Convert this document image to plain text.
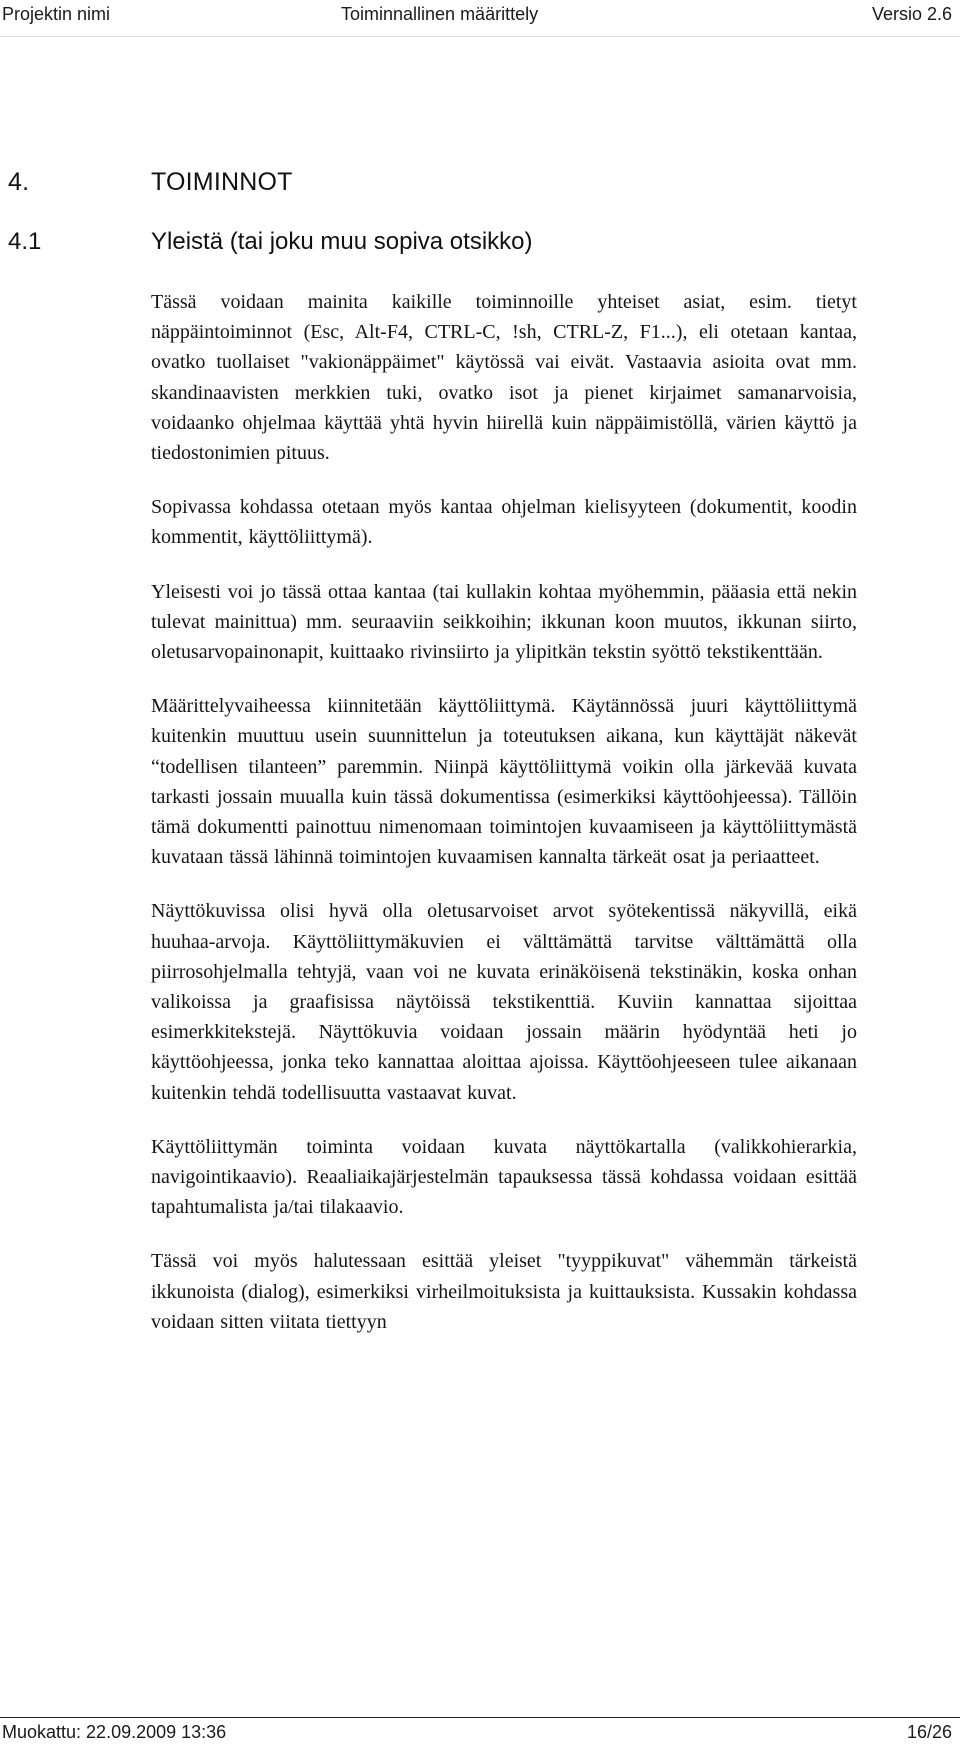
Projektin nimi	Toiminnallinen määrittely	Versio 2.6
4.	TOIMINNOT
4.1	Yleistä (tai joku muu sopiva otsikko)

Tässä voidaan mainita kaikille toiminnoille yhteiset asiat, esim. tietyt näppäintoiminnot (Esc, Alt-F4, CTRL-C, !sh, CTRL-Z, F1...), eli otetaan kantaa, ovatko tuollaiset "vakionäppäimet" käytössä vai eivät. Vastaavia asioita ovat mm. skandinaavisten merkkien tuki, ovatko isot ja pienet kirjaimet samanarvoisia, voidaanko ohjelmaa käyttää yhtä hyvin hiirellä kuin näppäimistöllä, värien käyttö ja tiedostonimien pituus.

Sopivassa kohdassa otetaan myös kantaa ohjelman kielisyyteen (dokumentit, koodin kommentit, käyttöliittymä).

Yleisesti voi jo tässä ottaa kantaa (tai kullakin kohtaa myöhemmin, pääasia että nekin tulevat mainittua) mm. seuraaviin seikkoihin; ikkunan koon muutos, ikkunan siirto, oletusarvopainonapit, kuittaako rivinsiirto ja ylipitkän tekstin syöttö tekstikenttään.

Määrittelyvaiheessa kiinnitetään käyttöliittymä. Käytännössä juuri käyttöliittymä kuitenkin muuttuu usein suunnittelun ja toteutuksen aikana, kun käyttäjät näkevät “todellisen tilanteen” paremmin. Niinpä käyttöliittymä voikin olla järkevää kuvata tarkasti jossain muualla kuin tässä dokumentissa (esimerkiksi käyttöohjeessa). Tällöin tämä dokumentti painottuu nimenomaan toimintojen kuvaamiseen ja käyttöliittymästä kuvataan tässä lähinnä toimintojen kuvaamisen kannalta tärkeät osat ja periaatteet.

Näyttökuvissa olisi hyvä olla oletusarvoiset arvot syötekentissä näkyvillä, eikä huuhaa-arvoja. Käyttöliittymäkuvien ei välttämättä tarvitse välttämättä olla piirrosohjelmalla tehtyjä, vaan voi ne kuvata erinäköisenä tekstinäkin, koska onhan valikoissa ja graafisissa näytöissä tekstikenttiä. Kuviin kannattaa sijoittaa esimerkkitekstejä. Näyttökuvia voidaan jossain määrin hyödyntää heti jo käyttöohjeessa, jonka teko kannattaa aloittaa ajoissa. Käyttöohjeeseen tulee aikanaan kuitenkin tehdä todellisuutta vastaavat kuvat.

Käyttöliittymän toiminta voidaan kuvata näyttökartalla (valikkohierarkia, navigointikaavio). Reaaliaikajärjestelmän tapauksessa tässä kohdassa voidaan esittää tapahtumalista ja/tai tilakaavio.

Tässä voi myös halutessaan esittää yleiset "tyyppikuvat" vähemmän tärkeistä ikkunoista (dialog), esimerkiksi virheilmoituksista ja kuittauksista. Kussakin kohdassa voidaan sitten viitata tiettyyn

Muokattu: 22.09.2009 13:36	16/26
